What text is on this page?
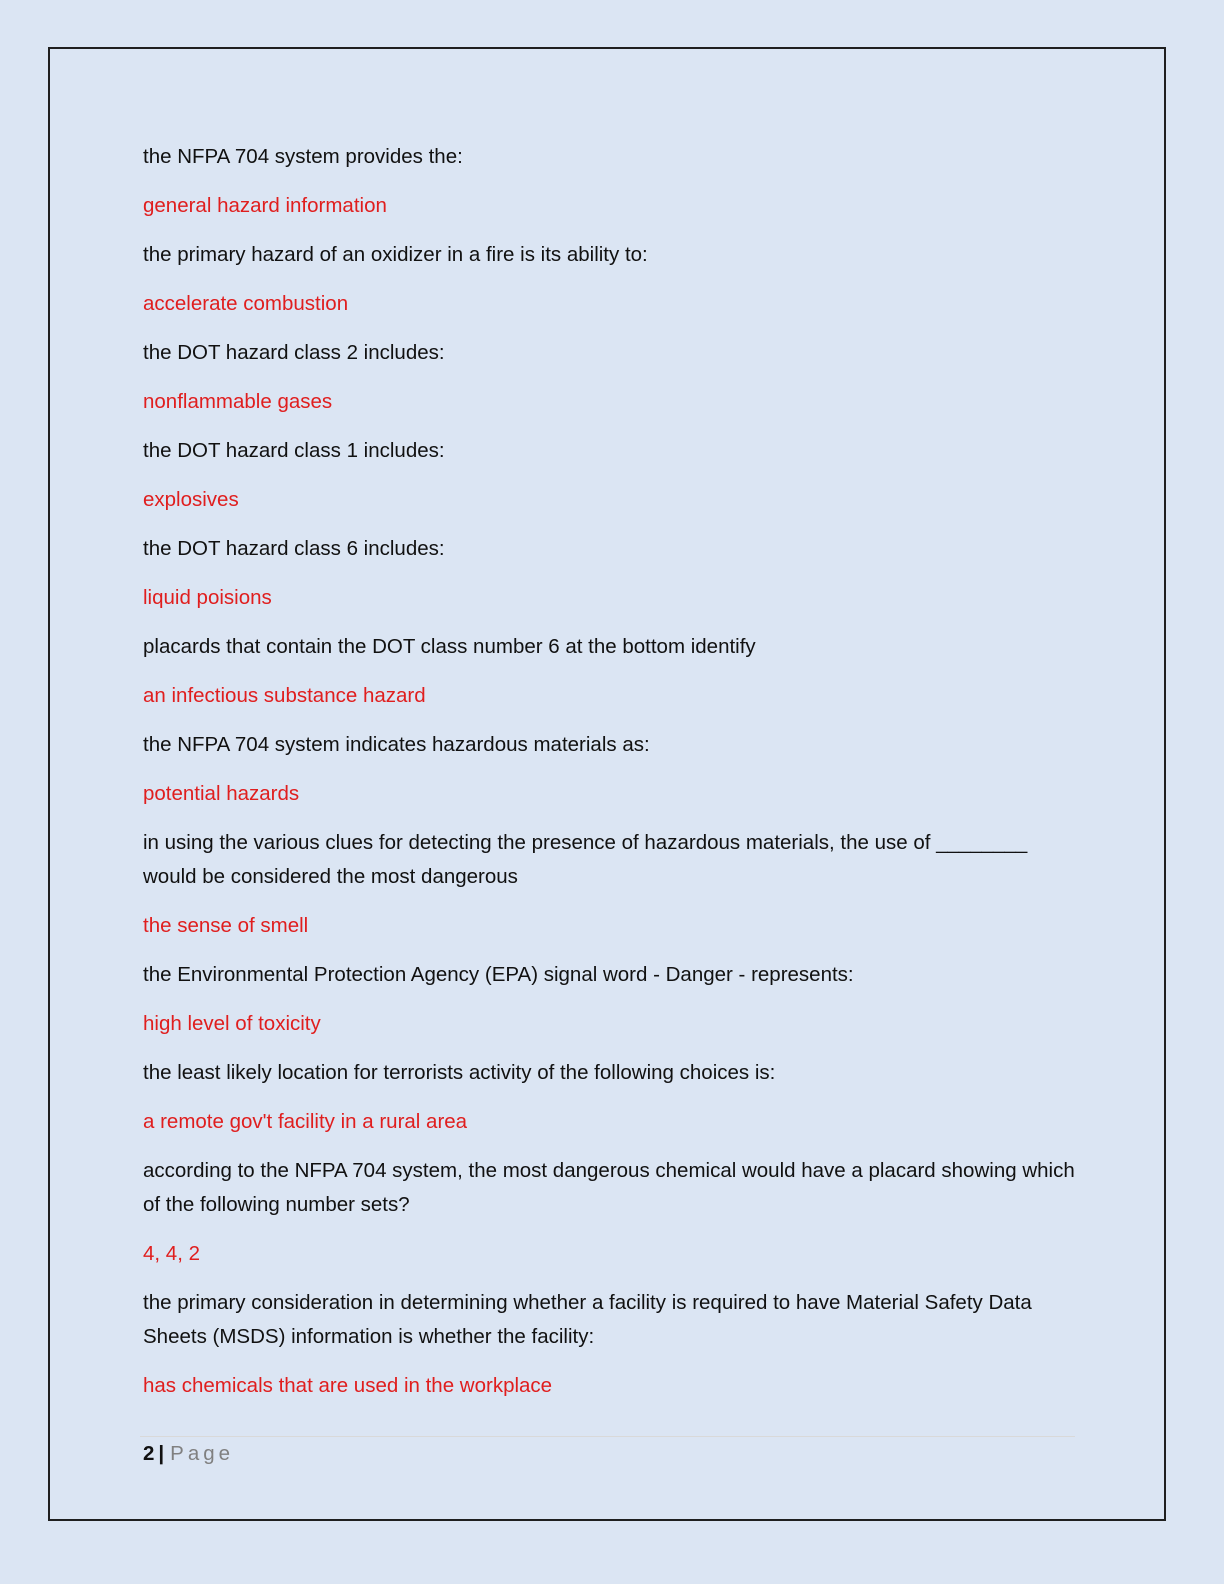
the NFPA 704 system provides the:

general hazard information

the primary hazard of an oxidizer in a fire is its ability to:

accelerate combustion

the DOT hazard class 2 includes:

nonflammable gases

the DOT hazard class 1 includes:

explosives

the DOT hazard class 6 includes:

liquid poisions

placards that contain the DOT class number 6 at the bottom identify

an infectious substance hazard

the NFPA 704 system indicates hazardous materials as:

potential hazards

in using the various clues for detecting the presence of hazardous materials, the use of ________ would be considered the most dangerous

the sense of smell

the Environmental Protection Agency (EPA) signal word - Danger - represents:

high level of toxicity

the least likely location for terrorists activity of the following choices is:

a remote gov't facility in a rural area

according to the NFPA 704 system, the most dangerous chemical would have a placard showing which of the following number sets?

4, 4, 2

the primary consideration in determining whether a facility is required to have Material Safety Data Sheets (MSDS) information is whether the facility:

has chemicals that are used in the workplace

2 | Page
